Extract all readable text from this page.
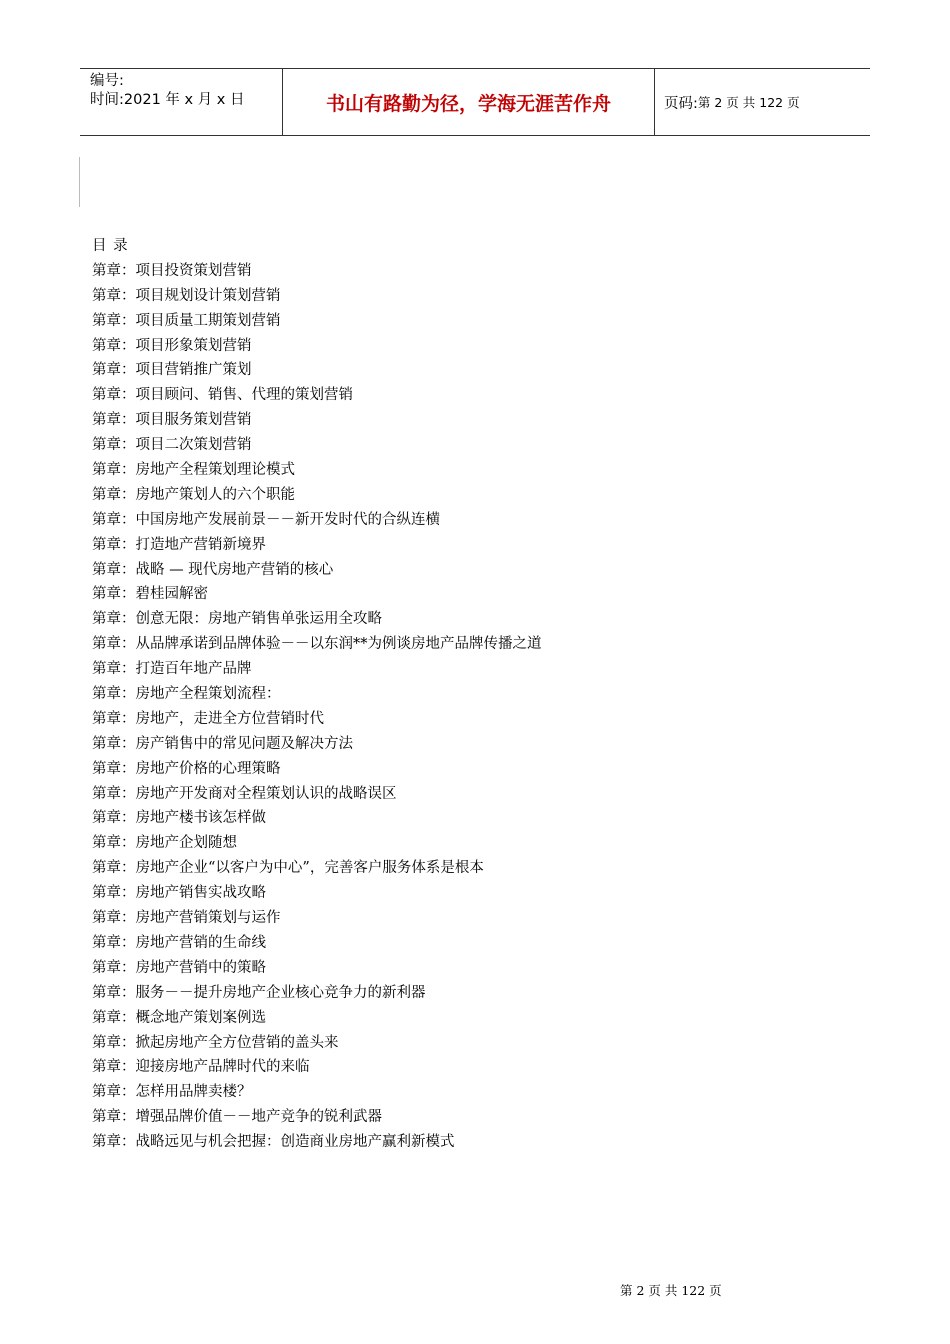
编号:
时间:2021 年 x 月 x 日	书山有路勤为径，学海无涯苦作舟	页码: 第 2 页 共 122 页
目 录
第章：项目投资策划营销
第章：项目规划设计策划营销
第章：项目质量工期策划营销
第章：项目形象策划营销
第章：项目营销推广策划
第章：项目顾问、销售、代理的策划营销
第章：项目服务策划营销
第章：项目二次策划营销
第章：房地产全程策划理论模式
第章：房地产策划人的六个职能
第章：中国房地产发展前景－－新开发时代的合纵连横
第章：打造地产营销新境界
第章：战略 — 现代房地产营销的核心
第章：碧桂园解密
第章：创意无限：房地产销售单张运用全攻略
第章：从品牌承诺到品牌体验－－以东润**为例谈房地产品牌传播之道
第章：打造百年地产品牌
第章：房地产全程策划流程：
第章：房地产，走进全方位营销时代
第章：房产销售中的常见问题及解决方法
第章：房地产价格的心理策略
第章：房地产开发商对全程策划认识的战略误区
第章：房地产楼书该怎样做
第章：房地产企划随想
第章：房地产企业“以客户为中心”，完善客户服务体系是根本
第章：房地产销售实战攻略
第章：房地产营销策划与运作
第章：房地产营销的生命线
第章：房地产营销中的策略
第章：服务－－提升房地产企业核心竞争力的新利器
第章：概念地产策划案例选
第章：掀起房地产全方位营销的盖头来
第章：迎接房地产品牌时代的来临
第章：怎样用品牌卖楼？
第章：增强品牌价值－－地产竞争的锐利武器
第章：战略远见与机会把握：创造商业房地产赢利新模式
第 2 页 共 122 页
